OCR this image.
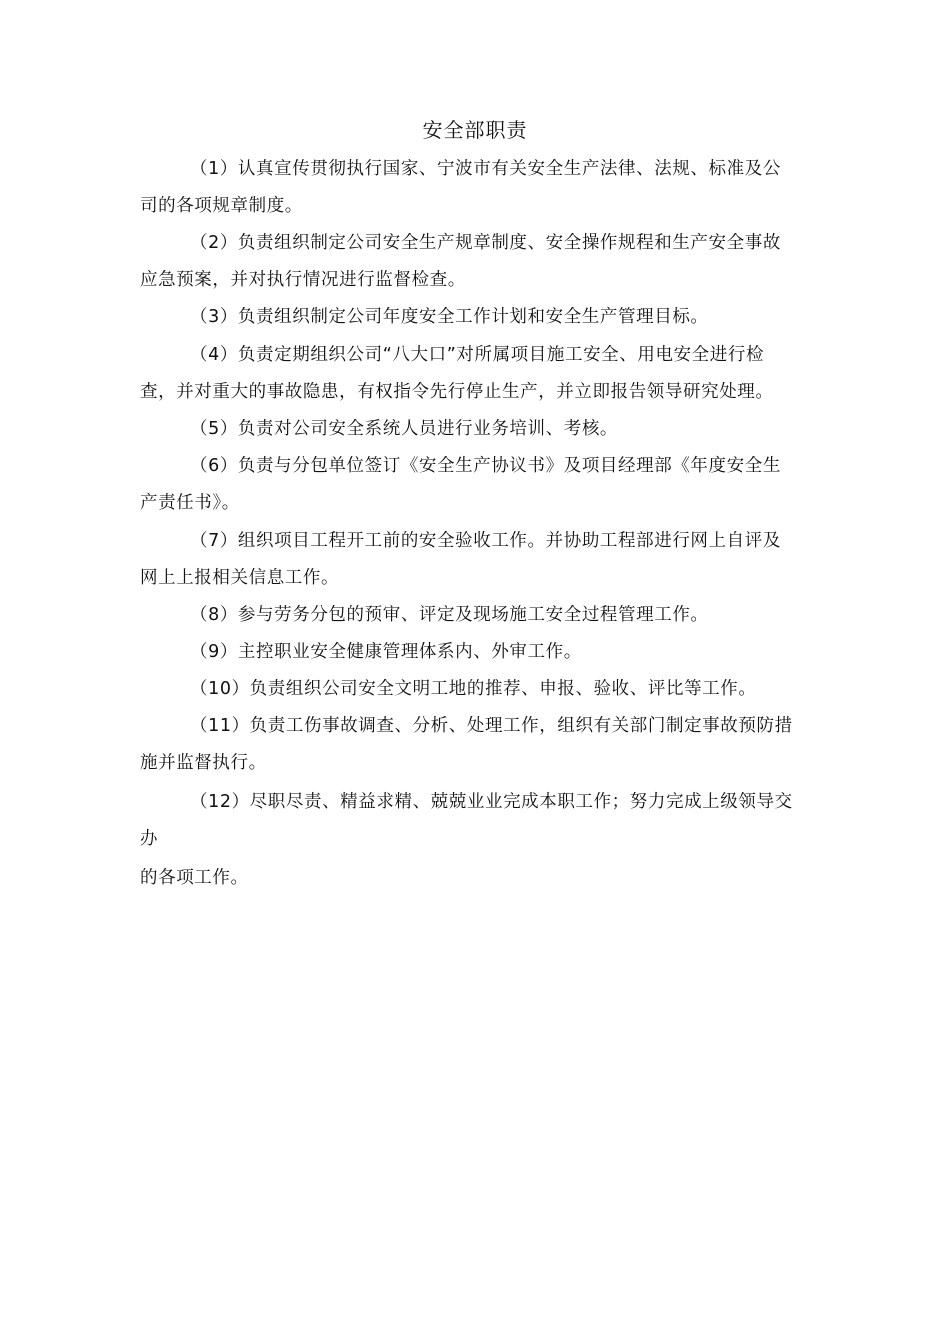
安全部职责
（1）认真宣传贯彻执行国家、宁波市有关安全生产法律、法规、标准及公
司的各项规章制度。
（2）负责组织制定公司安全生产规章制度、安全操作规程和生产安全事故
应急预案，并对执行情况进行监督检查。
（3）负责组织制定公司年度安全工作计划和安全生产管理目标。
（4）负责定期组织公司“八大口”对所属项目施工安全、用电安全进行检
查，并对重大的事故隐患，有权指令先行停止生产，并立即报告领导研究处理。
（5）负责对公司安全系统人员进行业务培训、考核。
（6）负责与分包单位签订《安全生产协议书》及项目经理部《年度安全生
产责任书》。
（7）组织项目工程开工前的安全验收工作。并协助工程部进行网上自评及
网上上报相关信息工作。
（8）参与劳务分包的预审、评定及现场施工安全过程管理工作。
（9）主控职业安全健康管理体系内、外审工作。
（10）负责组织公司安全文明工地的推荐、申报、验收、评比等工作。
（11）负责工伤事故调查、分析、处理工作，组织有关部门制定事故预防措
施并监督执行。
（12）尽职尽责、精益求精、兢兢业业完成本职工作；努力完成上级领导交
办
的各项工作。
